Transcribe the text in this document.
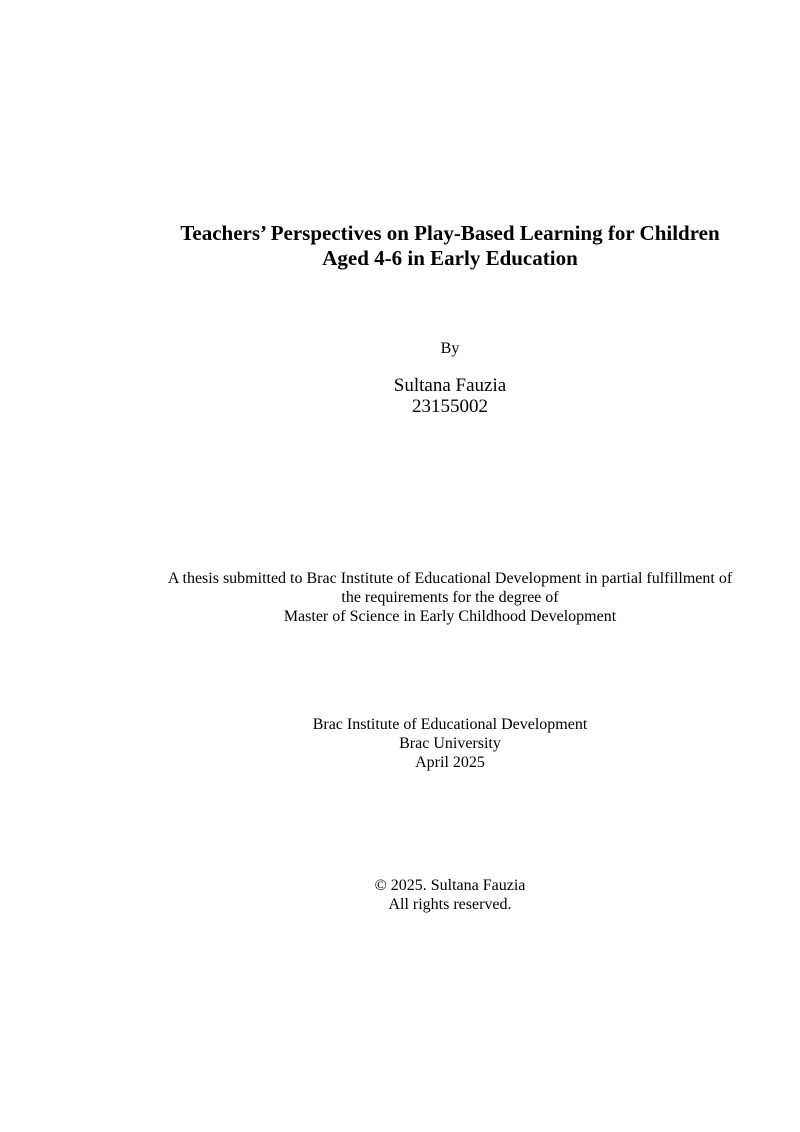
Teachers’ Perspectives on Play-Based Learning for Children
Aged 4-6 in Early Education
By
Sultana Fauzia
23155002
A thesis submitted to Brac Institute of Educational Development in partial fulfillment of
the requirements for the degree of
Master of Science in Early Childhood Development
Brac Institute of Educational Development
Brac University
April 2025
© 2025. Sultana Fauzia
All rights reserved.
